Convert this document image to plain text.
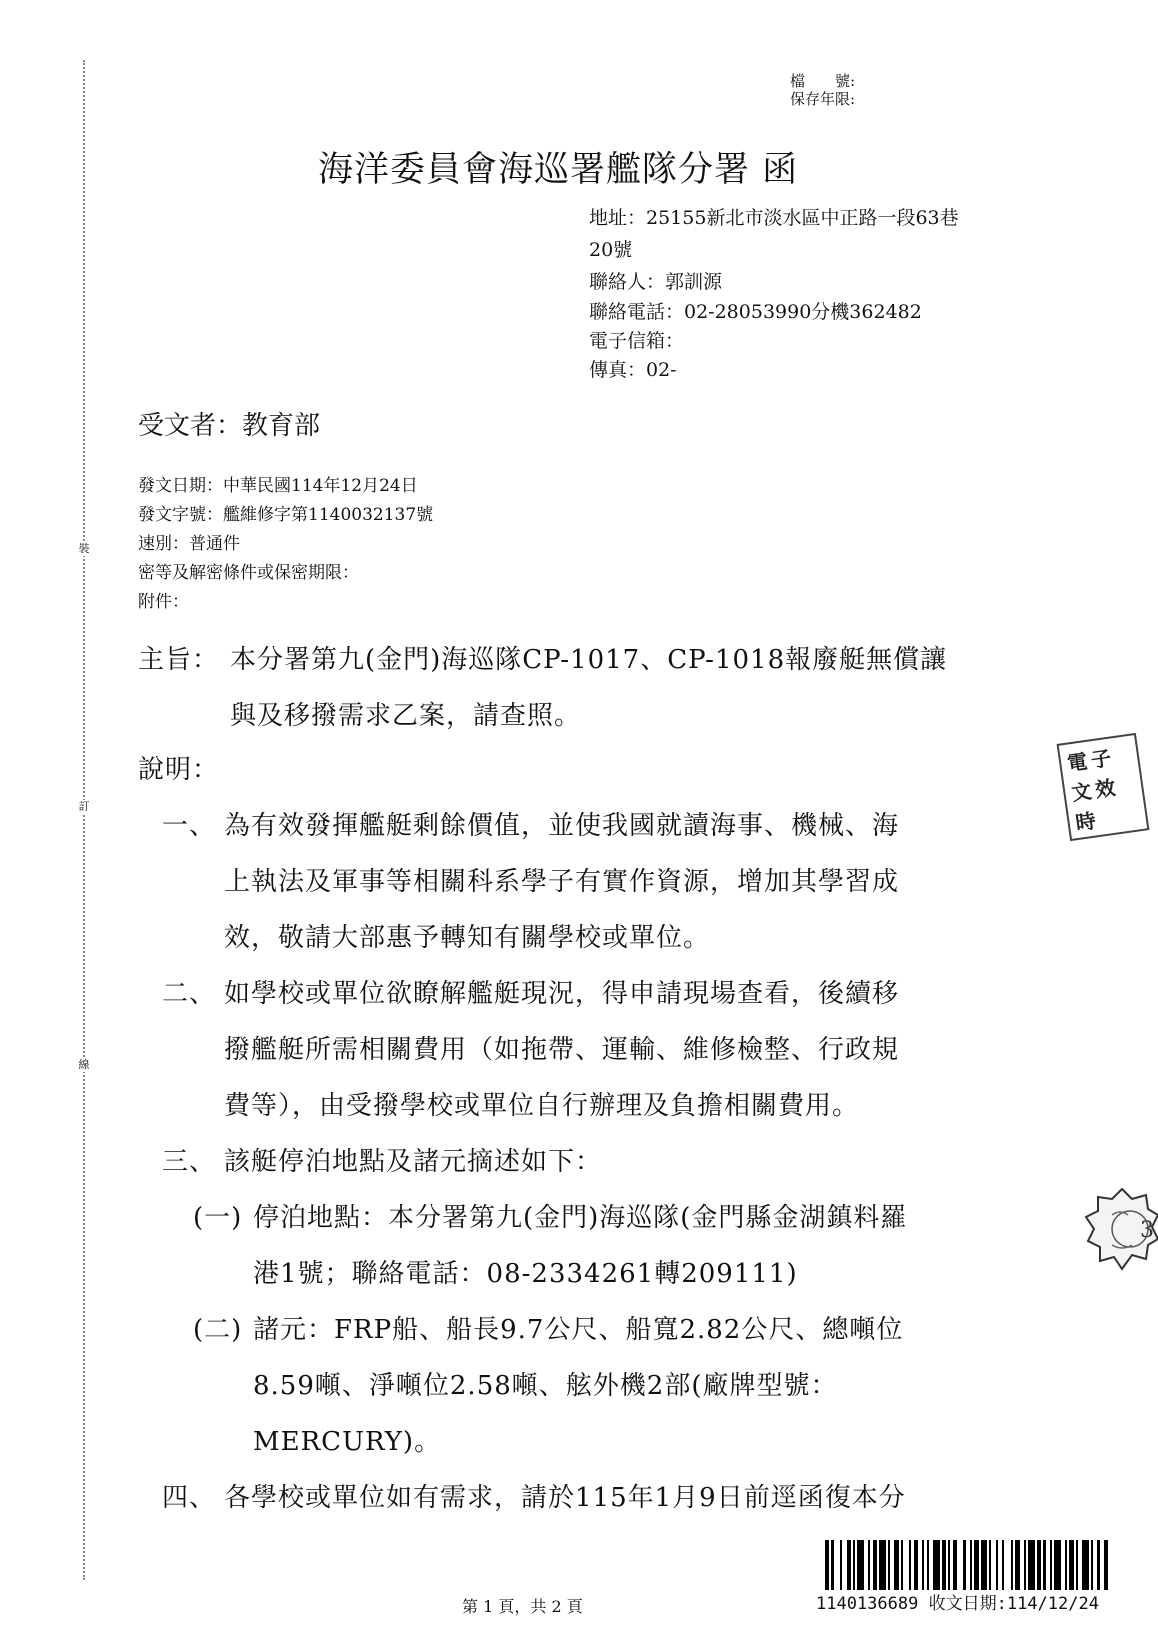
裝
訂
線
檔　　號:
保存年限:
海洋委員會海巡署艦隊分署 函
地址：25155新北市淡水區中正路一段63巷
20號
聯絡人：郭訓源
聯絡電話：02-28053990分機362482
電子信箱：
傳真：02-
受文者：教育部
發文日期：中華民國114年12月24日
發文字號：艦維修字第1140032137號
速別：普通件
密等及解密條件或保密期限：
附件：
主旨： 本分署第九(金門)海巡隊CP-1017、CP-1018報廢艇無償讓
與及移撥需求乙案，請查照。
說明：
一、 為有效發揮艦艇剩餘價值，並使我國就讀海事、機械、海
上執法及軍事等相關科系學子有實作資源，增加其學習成
效，敬請大部惠予轉知有關學校或單位。
二、 如學校或單位欲瞭解艦艇現況，得申請現場查看，後續移
撥艦艇所需相關費用（如拖帶、運輸、維修檢整、行政規
費等），由受撥學校或單位自行辦理及負擔相關費用。
三、 該艇停泊地點及諸元摘述如下：
(一) 停泊地點：本分署第九(金門)海巡隊(金門縣金湖鎮料羅
港1號；聯絡電話：08-2334261轉209111)
(二) 諸元：FRP船、船長9.7公尺、船寬2.82公尺、總噸位
8.59噸、淨噸位2.58噸、舷外機2部(廠牌型號：
MERCURY)。
四、 各學校或單位如有需求，請於115年1月9日前逕函復本分
電子
文效
時
3
第 1 頁，共 2 頁	1140136689 收文日期:114/12/24
